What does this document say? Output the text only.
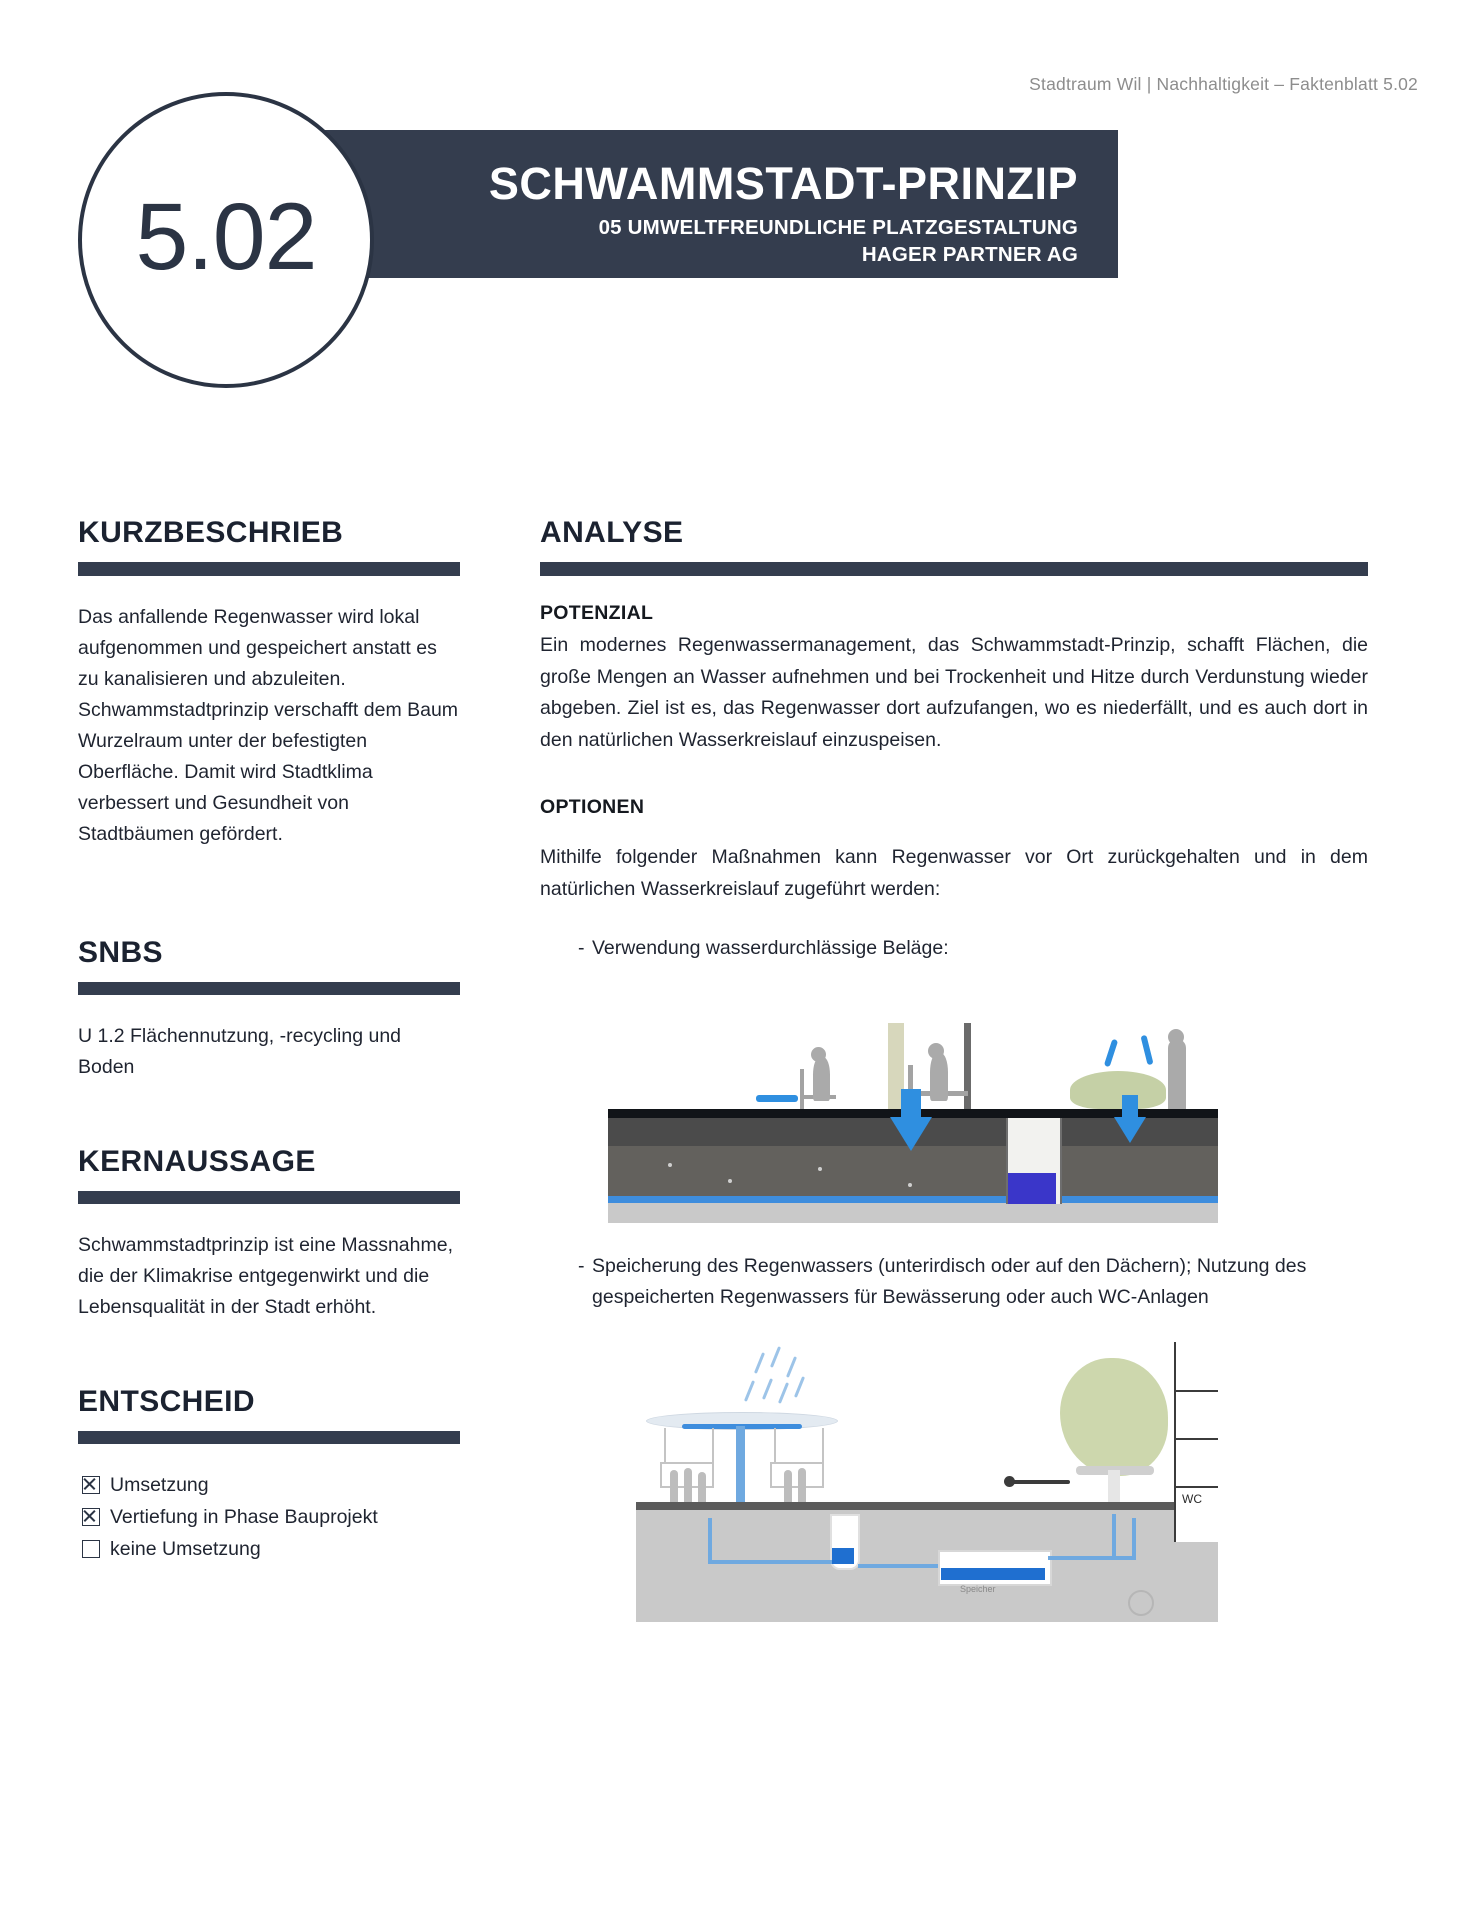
Stadtraum Wil | Nachhaltigkeit – Faktenblatt 5.02
SCHWAMMSTADT-PRINZIP
05 UMWELTFREUNDLICHE PLATZGESTALTUNG
HAGER PARTNER AG
5.02
KURZBESCHRIEB
Das anfallende Regenwasser wird lokal aufgenommen und gespeichert anstatt es zu kanalisieren und abzuleiten. Schwammstadtprinzip verschafft dem Baum Wurzelraum unter der befestigten Oberfläche. Damit wird Stadtklima verbessert und Gesundheit von Stadtbäumen gefördert.
SNBS
U 1.2 Flächennutzung, -recycling und Boden
KERNAUSSAGE
Schwammstadtprinzip ist eine Massnahme, die der Klimakrise entgegenwirkt und die Lebensqualität in der Stadt erhöht.
ENTSCHEID
Umsetzung
Vertiefung in Phase Bauprojekt
keine Umsetzung
ANALYSE
POTENZIAL
Ein modernes Regenwassermanagement, das Schwammstadt-Prinzip, schafft Flächen, die große Mengen an Wasser aufnehmen und bei Trockenheit und Hitze durch Verdunstung wieder abgeben. Ziel ist es, das Regenwasser dort aufzufangen, wo es niederfällt, und es auch dort in den natürlichen Wasserkreislauf einzuspeisen.
OPTIONEN
Mithilfe folgender Maßnahmen kann Regenwasser vor Ort zurückgehalten und in dem natürlichen Wasserkreislauf zugeführt werden:
- Verwendung wasserdurchlässige Beläge:
- Speicherung des Regenwassers (unterirdisch oder auf den Dächern); Nutzung des gespeicherten Regenwassers für Bewässerung oder auch WC-Anlagen
Speicher
WC
